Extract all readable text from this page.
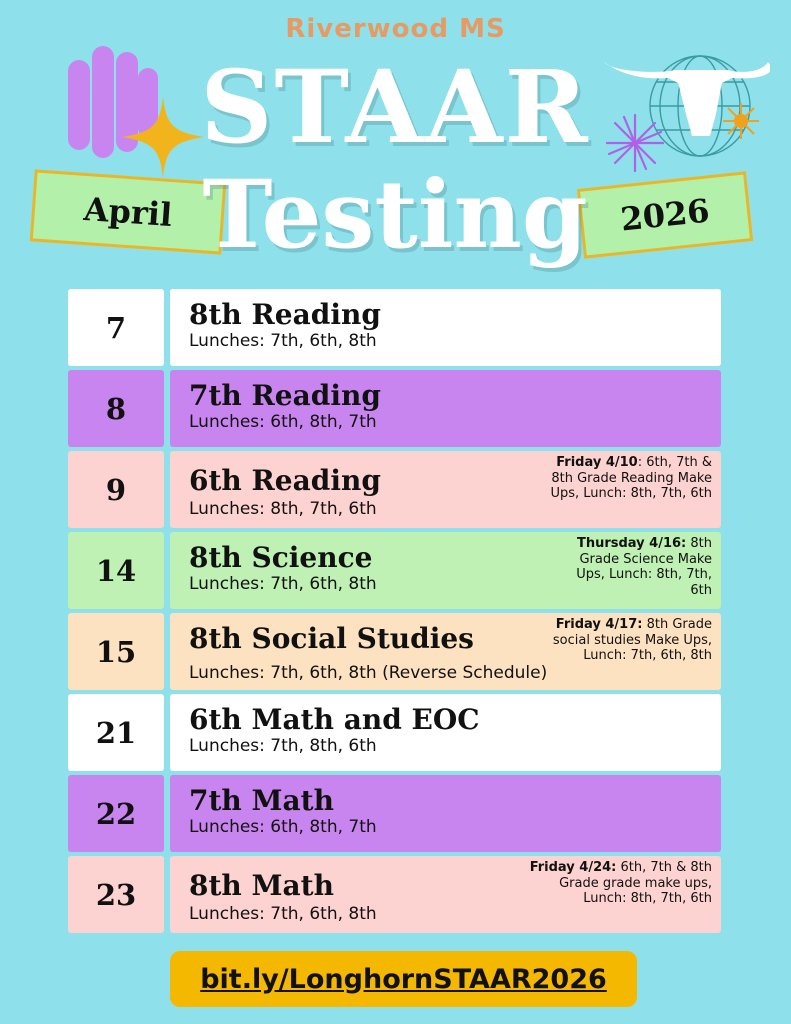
Riverwood MS
April	2026
STAAR
Testing
7	8th Reading
Lunches: 7th, 6th, 8th
8	7th Reading
Lunches: 6th, 8th, 7th
9	6th Reading
Lunches: 8th, 7th, 6th
Friday 4/10: 6th, 7th & 8th Grade Reading Make Ups, Lunch: 8th, 7th, 6th
14	8th Science
Lunches: 7th, 6th, 8th
Thursday 4/16: 8th Grade Science Make Ups, Lunch: 8th, 7th, 6th
15	8th Social Studies
Lunches: 7th, 6th, 8th (Reverse Schedule)
Friday 4/17: 8th Grade social studies Make Ups, Lunch: 7th, 6th, 8th
21	6th Math and EOC
Lunches: 7th, 8th, 6th
22	7th Math
Lunches: 6th, 8th, 7th
23	8th Math
Lunches: 7th, 6th, 8th
Friday 4/24: 6th, 7th & 8th Grade grade make ups, Lunch: 8th, 7th, 6th
bit.ly/LonghornSTAAR2026
